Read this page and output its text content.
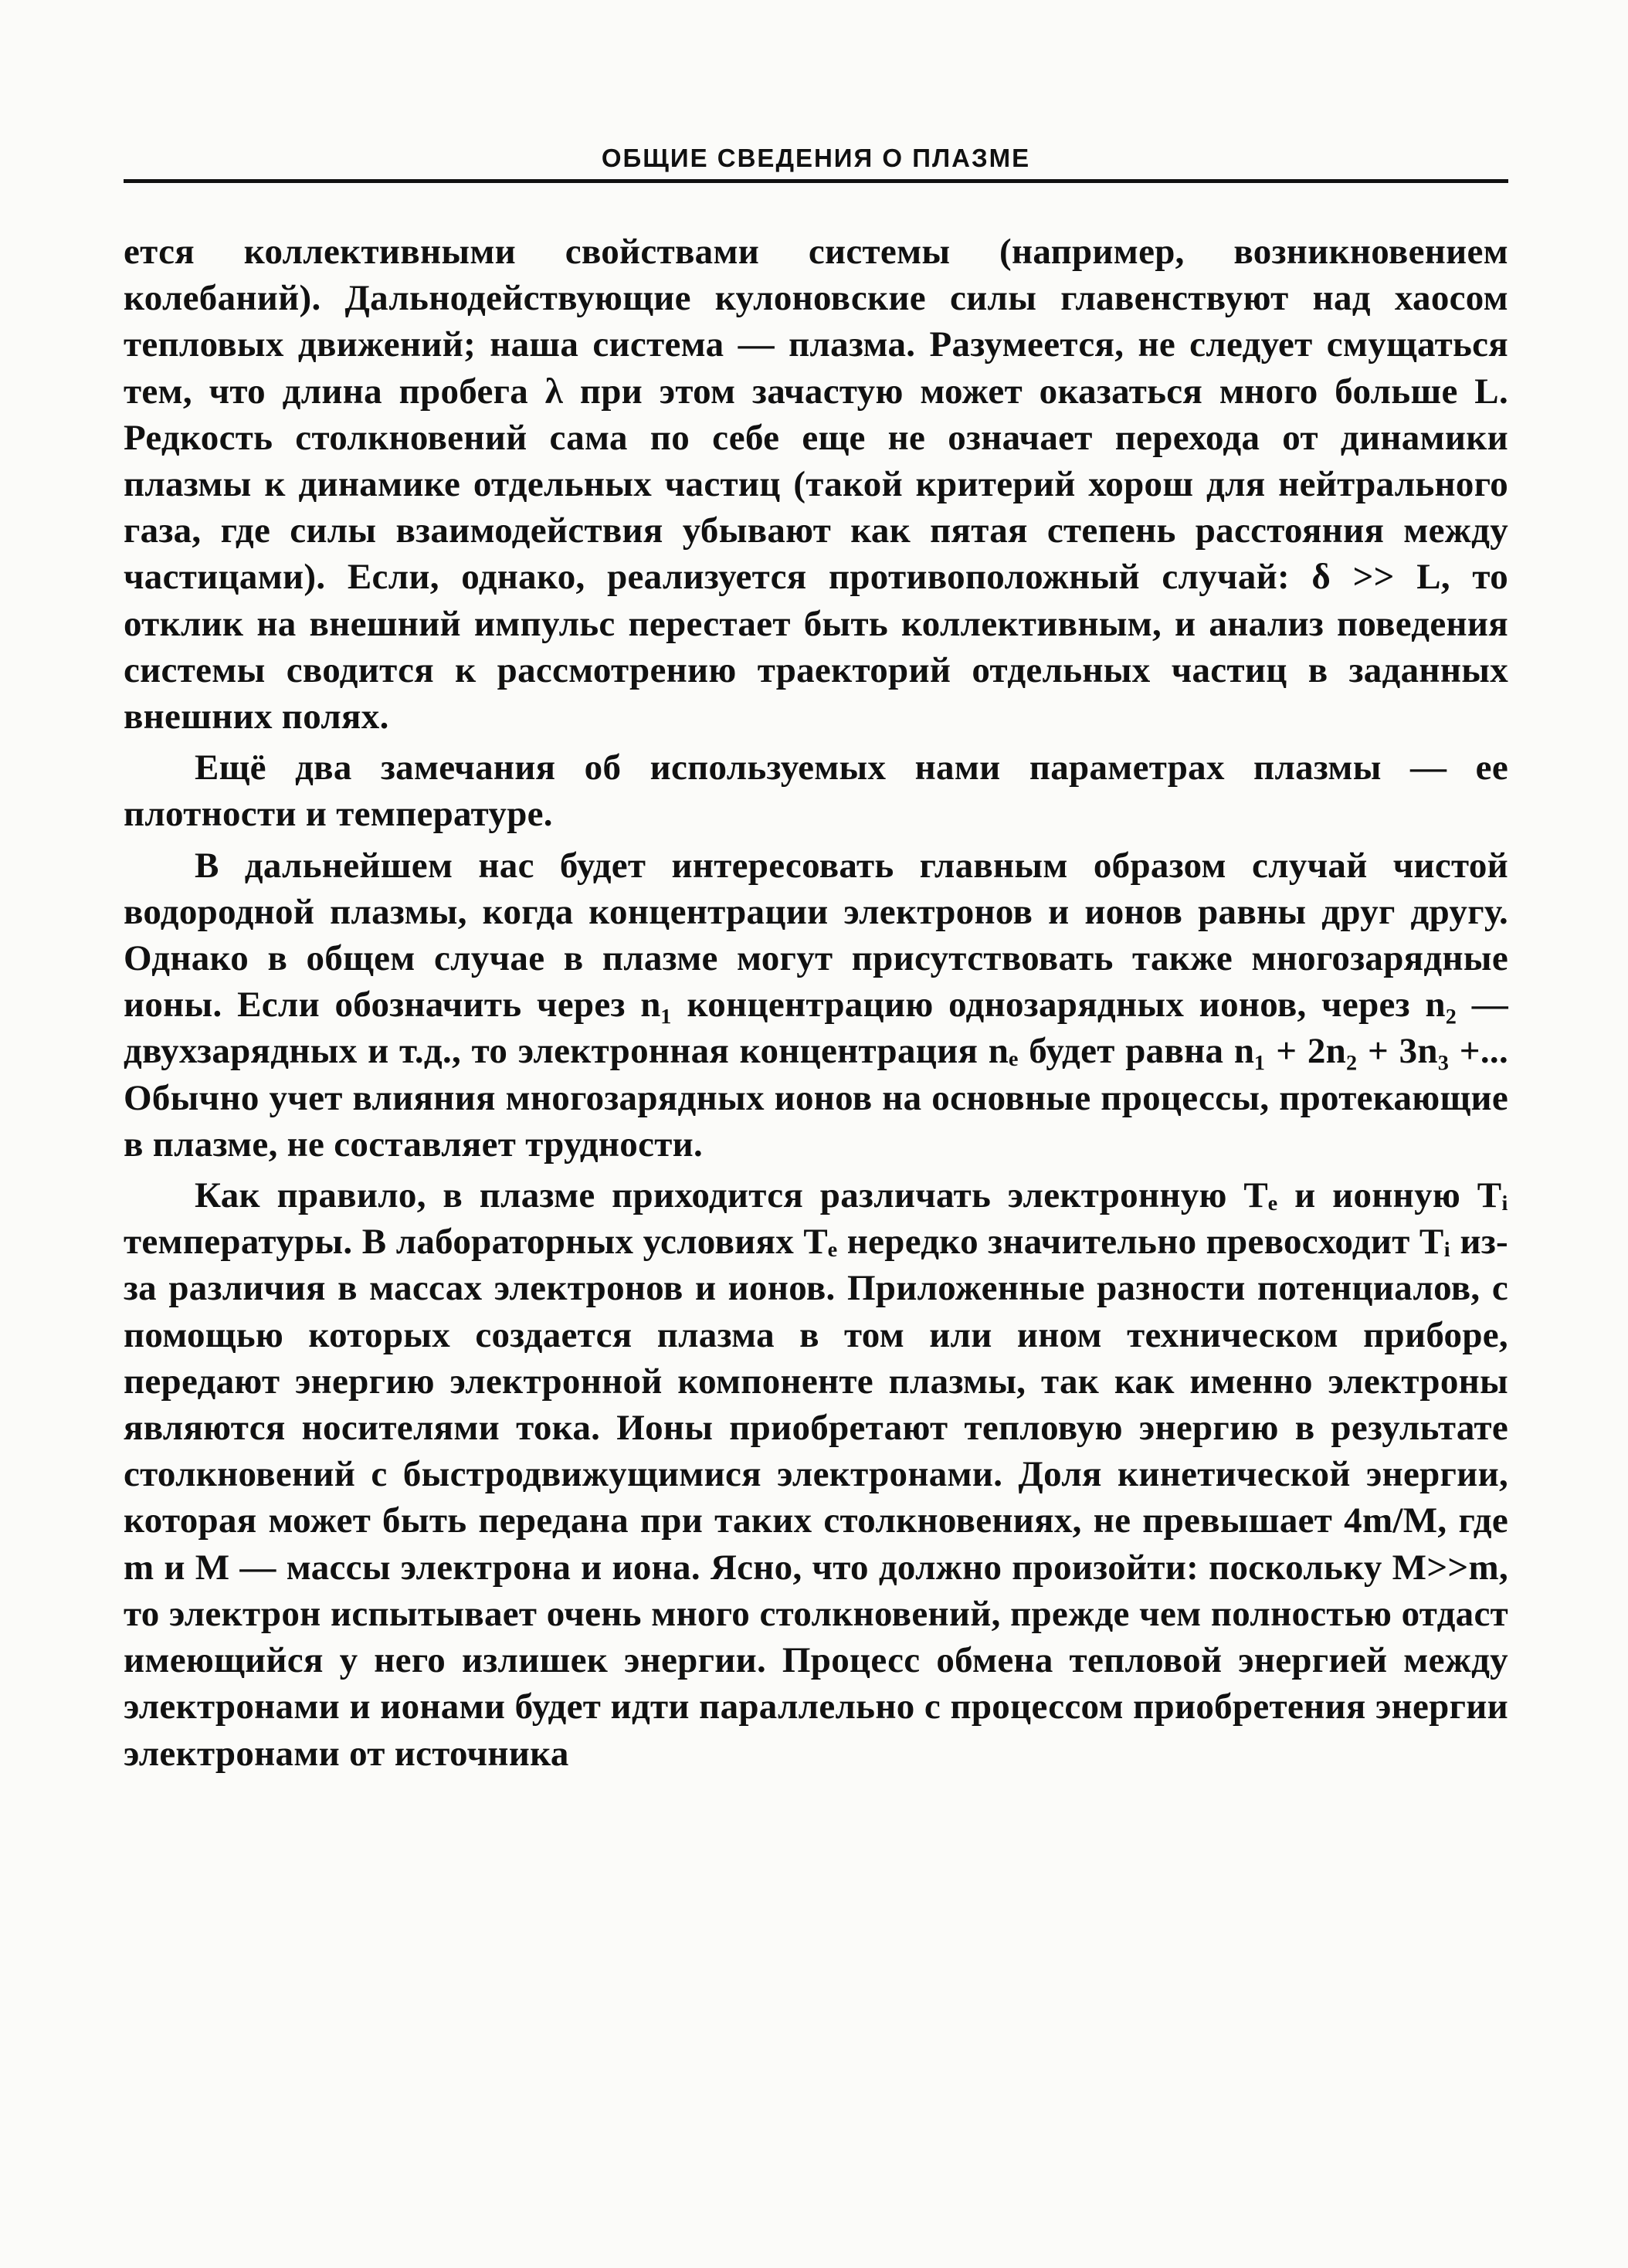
ОБЩИЕ СВЕДЕНИЯ О ПЛАЗМЕ

ется коллективными свойствами системы (например, возникновением колебаний). Дальнодействующие кулоновские силы главенствуют над хаосом тепловых движений; наша система — плазма. Разумеется, не следует смущаться тем, что длина пробега λ при этом зачастую может оказаться много больше L. Редкость столкновений сама по себе еще не означает перехода от динамики плазмы к динамике отдельных частиц (такой критерий хорош для нейтрального газа, где силы взаимодействия убывают как пятая степень расстояния между частицами). Если, однако, реализуется противоположный случай: δ >> L, то отклик на внешний импульс перестает быть коллективным, и анализ поведения системы сводится к рассмотрению траекторий отдельных частиц в заданных внешних полях.

Ещё два замечания об используемых нами параметрах плазмы — ее плотности и температуре.

В дальнейшем нас будет интересовать главным образом случай чистой водородной плазмы, когда концентрации электронов и ионов равны друг другу. Однако в общем случае в плазме могут присутствовать также многозарядные ионы. Если обозначить через n₁ концентрацию однозарядных ионов, через n₂ — двухзарядных и т.д., то электронная концентрация nₑ будет равна n₁ + 2n₂ + 3n₃ +... Обычно учет влияния многозарядных ионов на основные процессы, протекающие в плазме, не составляет трудности.

Как правило, в плазме приходится различать электронную Tₑ и ионную Tᵢ температуры. В лабораторных условиях Tₑ нередко значительно превосходит Tᵢ из-за различия в массах электронов и ионов. Приложенные разности потенциалов, с помощью которых создается плазма в том или ином техническом приборе, передают энергию электронной компоненте плазмы, так как именно электроны являются носителями тока. Ионы приобретают тепловую энергию в результате столкновений с быстродвижущимися электронами. Доля кинетической энергии, которая может быть передана при таких столкновениях, не превышает 4m/M, где m и M — массы электрона и иона. Ясно, что должно произойти: поскольку M>>m, то электрон испытывает очень много столкновений, прежде чем полностью отдаст имеющийся у него излишек энергии. Процесс обмена тепловой энергией между электронами и ионами будет идти параллельно с процессом приобретения энергии электронами от источника
